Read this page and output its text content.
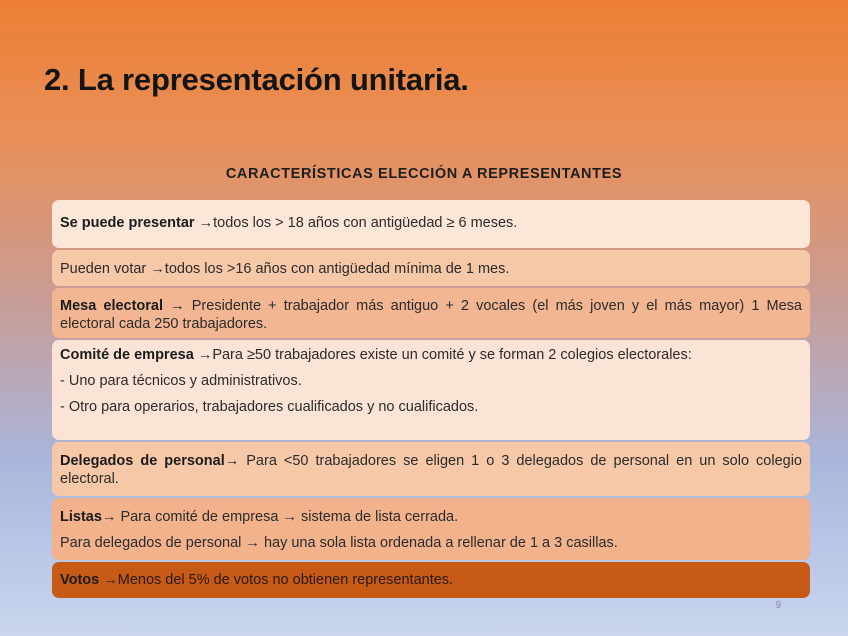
2. La representación unitaria.
CARACTERÍSTICAS ELECCIÓN A REPRESENTANTES

Se puede presentar →todos los > 18 años con antigüedad ≥ 6 meses.

Pueden votar →todos los >16 años con antigüedad mínima de 1 mes.

Mesa electoral → Presidente + trabajador más antiguo + 2 vocales (el más joven y el más mayor) 1 Mesa electoral cada 250 trabajadores.

Comité de empresa →Para ≥50 trabajadores existe un comité y se forman 2 colegios electorales:

- Uno para técnicos y administrativos.

- Otro para operarios, trabajadores cualificados y no cualificados.

Delegados de personal→ Para <50 trabajadores se eligen 1 o 3 delegados de personal en un solo colegio electoral.

Listas→ Para comité de empresa → sistema de lista cerrada.

Para delegados de personal → hay una sola lista ordenada a rellenar de 1 a 3 casillas.

Votos →Menos del 5% de votos no obtienen representantes.

9
